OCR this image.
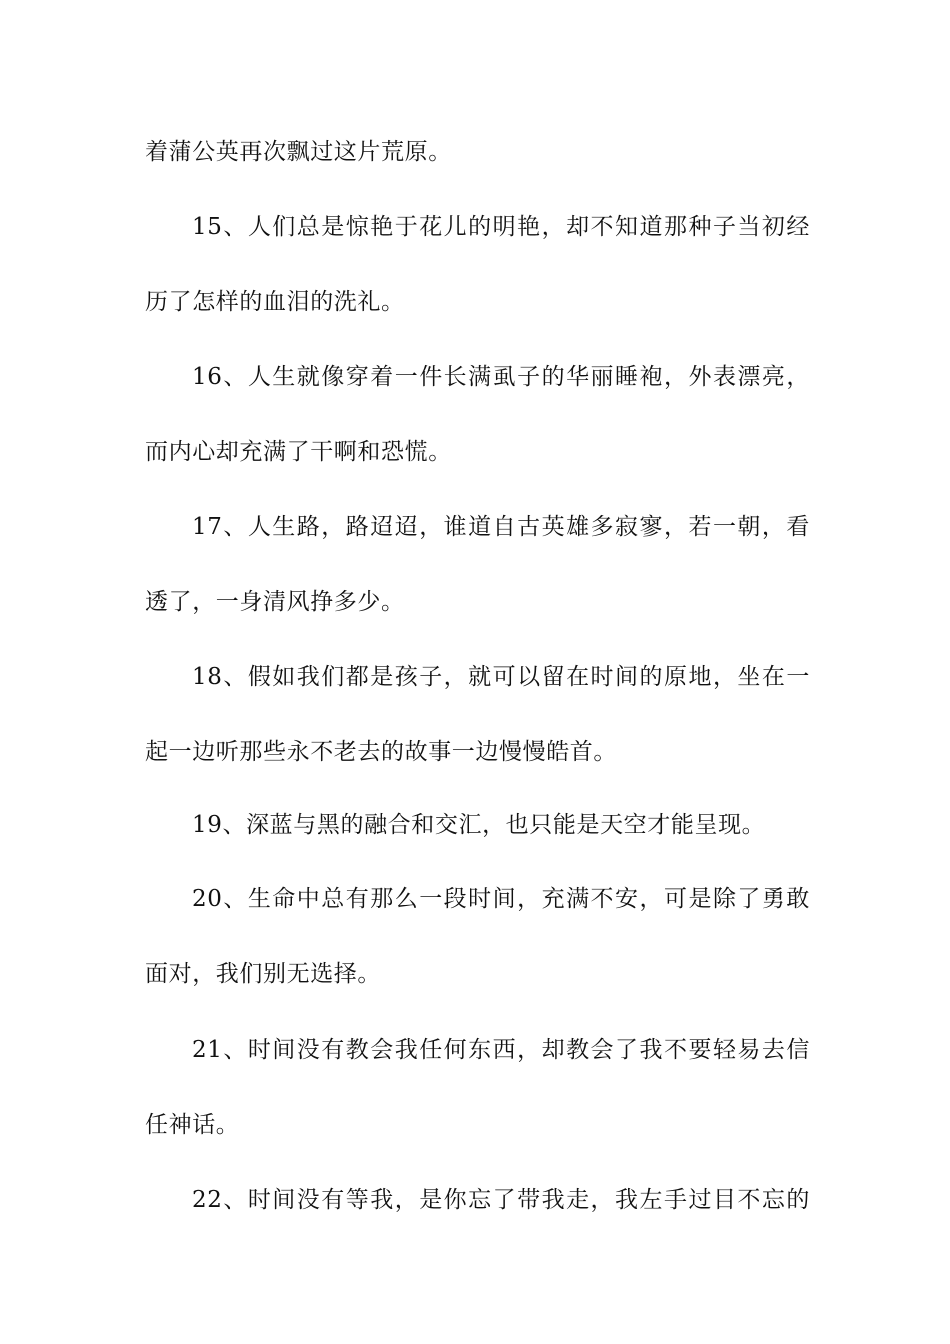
着蒲公英再次飘过这片荒原。
15、人们总是惊艳于花儿的明艳，却不知道那种子当初经
历了怎样的血泪的洗礼。
16、人生就像穿着一件长满虱子的华丽睡袍，外表漂亮，
而内心却充满了干啊和恐慌。
17、人生路，路迢迢，谁道自古英雄多寂寥，若一朝，看
透了，一身清风挣多少。
18、假如我们都是孩子，就可以留在时间的原地，坐在一
起一边听那些永不老去的故事一边慢慢皓首。
19、深蓝与黑的融合和交汇，也只能是天空才能呈现。
20、生命中总有那么一段时间，充满不安，可是除了勇敢
面对，我们别无选择。
21、时间没有教会我任何东西，却教会了我不要轻易去信
任神话。
22、时间没有等我，是你忘了带我走，我左手过目不忘的
